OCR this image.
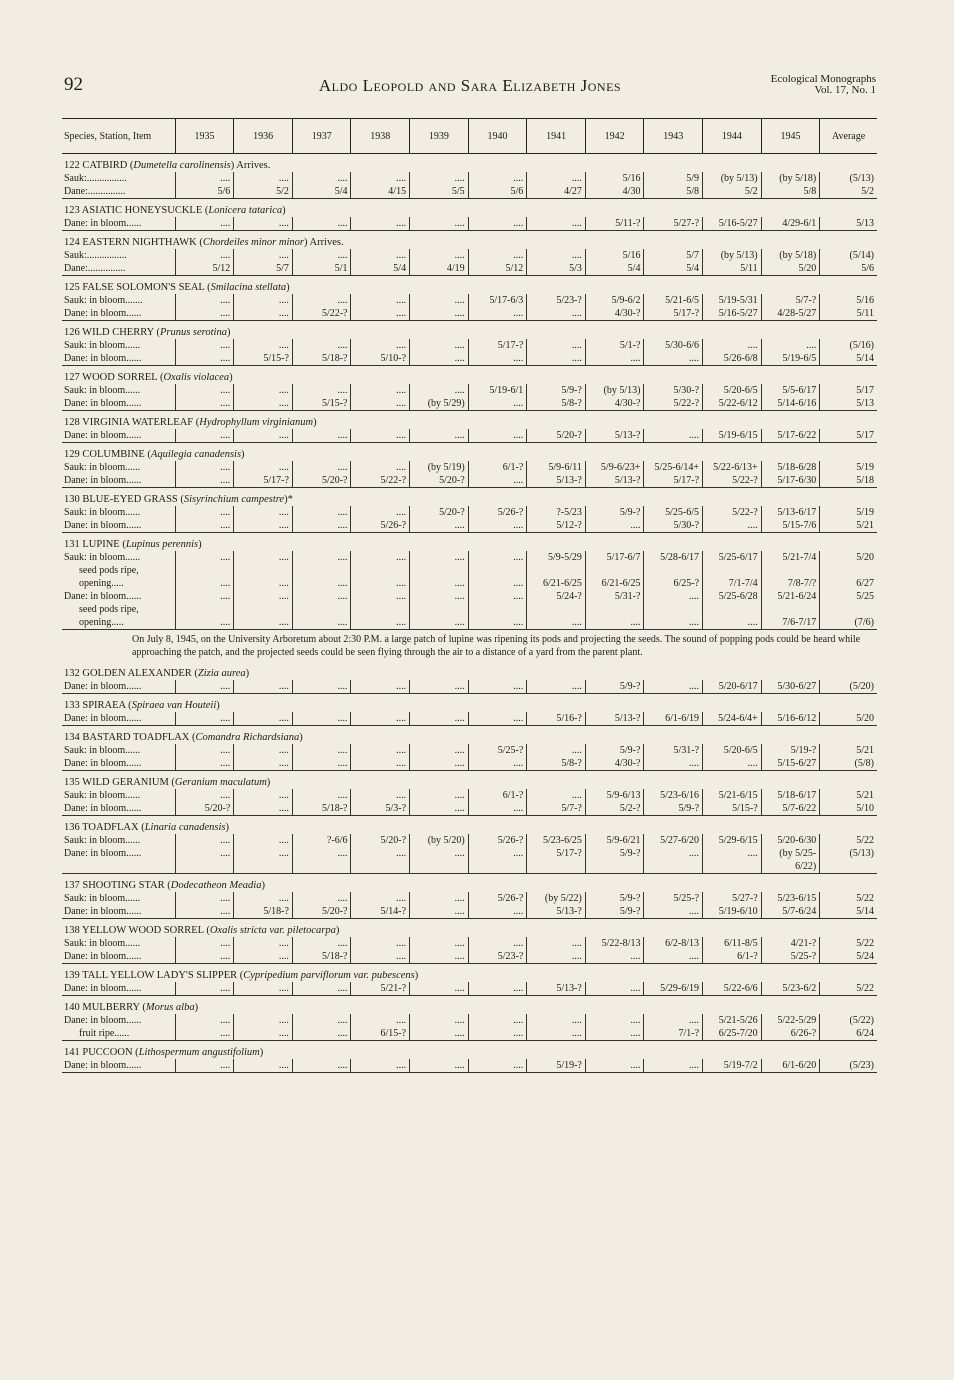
92	Aldo Leopold and Sara Elizabeth Jones	Ecological Monographs
Vol. 17, No. 1
Species, Station, Item	1935	1936	1937	1938	1939	1940	1941	1942	1943	1944	1945	Average
122 CATBIRD (Dumetella carolinensis) Arrives.												
Sauk:................	....	....	....	....	....	....	....	5/16	5/9	(by 5/13)	(by 5/18)	(5/13)
Dane:...............	5/6	5/2	5/4	4/15	5/5	5/6	4/27	4/30	5/8	5/2	5/8	5/2
123 ASIATIC HONEYSUCKLE (Lonicera tatarica)												
Dane: in bloom......	....	....	....	....	....	....	....	5/11-?	5/27-?	5/16-5/27	4/29-6/1	5/13
124 EASTERN NIGHTHAWK (Chordeiles minor minor) Arrives.												
Sauk:................	....	....	....	....	....	....	....	5/16	5/7	(by 5/13)	(by 5/18)	(5/14)
Dane:...............	5/12	5/7	5/1	5/4	4/19	5/12	5/3	5/4	5/4	5/11	5/20	5/6
125 FALSE SOLOMON'S SEAL (Smilacina stellata)												
Sauk: in bloom.......	....	....	....	....	....	5/17-6/3	5/23-?	5/9-6/2	5/21-6/5	5/19-5/31	5/7-?	5/16
Dane: in bloom......	....	....	5/22-?	....	....	....	....	4/30-?	5/17-?	5/16-5/27	4/28-5/27	5/11
126 WILD CHERRY (Prunus serotina)												
Sauk: in bloom......	....	....	....	....	....	5/17-?	....	5/1-?	5/30-6/6	....	....	(5/16)
Dane: in bloom......	....	5/15-?	5/18-?	5/10-?	....	....	....	....	....	5/26-6/8	5/19-6/5	5/14
127 WOOD SORREL (Oxalis violacea)												
Sauk: in bloom......	....	....	....	....	....	5/19-6/1	5/9-?	(by 5/13)	5/30-?	5/20-6/5	5/5-6/17	5/17
Dane: in bloom......	....	....	5/15-?	....	(by 5/29)	....	5/8-?	4/30-?	5/22-?	5/22-6/12	5/14-6/16	5/13
128 VIRGINIA WATERLEAF (Hydrophyllum virginianum)												
Dane: in bloom......	....	....	....	....	....	....	5/20-?	5/13-?	....	5/19-6/15	5/17-6/22	5/17
129 COLUMBINE (Aquilegia canadensis)												
Sauk: in bloom......	....	....	....	....	(by 5/19)	6/1-?	5/9-6/11	5/9-6/23+	5/25-6/14+	5/22-6/13+	5/18-6/28	5/19
Dane: in bloom......	....	5/17-?	5/20-?	5/22-?	5/20-?	....	5/13-?	5/13-?	5/17-?	5/22-?	5/17-6/30	5/18
130 BLUE-EYED GRASS (Sisyrinchium campestre)*												
Sauk: in bloom......	....	....	....	....	5/20-?	5/26-?	?-5/23	5/9-?	5/25-6/5	5/22-?	5/13-6/17	5/19
Dane: in bloom......	....	....	....	5/26-?	....	....	5/12-?	....	5/30-?	....	5/15-7/6	5/21
131 LUPINE (Lupinus perennis)												
Sauk: in bloom......	....	....	....	....	....	....	5/9-5/29	5/17-6/7	5/28-6/17	5/25-6/17	5/21-7/4	5/20
seed pods ripe,												
opening.....	....	....	....	....	....	....	6/21-6/25	6/21-6/25	6/25-?	7/1-7/4	7/8-7/?	6/27
Dane: in bloom......	....	....	....	....	....	....	5/24-?	5/31-?	....	5/25-6/28	5/21-6/24	5/25
seed pods ripe,												
opening.....	....	....	....	....	....	....	....	....	....	....	7/6-7/17	(7/6)
On July 8, 1945, on the University Arboretum about 2:30 P.M. a large patch of lupine was ripening its pods and projecting the seeds. The sound of popping pods could be heard while approaching the patch, and the projected seeds could be seen flying through the air to a distance of a yard from the parent plant.												
132 GOLDEN ALEXANDER (Zizia aurea)												
Dane: in bloom......	....	....	....	....	....	....	....	5/9-?	....	5/20-6/17	5/30-6/27	(5/20)
133 SPIRAEA (Spiraea van Houteii)												
Dane: in bloom......	....	....	....	....	....	....	5/16-?	5/13-?	6/1-6/19	5/24-6/4+	5/16-6/12	5/20
134 BASTARD TOADFLAX (Comandra Richardsiana)												
Sauk: in bloom......	....	....	....	....	....	5/25-?	....	5/9-?	5/31-?	5/20-6/5	5/19-?	5/21
Dane: in bloom......	....	....	....	....	....	....	5/8-?	4/30-?	....	....	5/15-6/27	(5/8)
135 WILD GERANIUM (Geranium maculatum)												
Sauk: in bloom......	....	....	....	....	....	6/1-?	....	5/9-6/13	5/23-6/16	5/21-6/15	5/18-6/17	5/21
Dane: in bloom......	5/20-?	....	5/18-?	5/3-?	....	....	5/7-?	5/2-?	5/9-?	5/15-?	5/7-6/22	5/10
136 TOADFLAX (Linaria canadensis)												
Sauk: in bloom......	....	....	?-6/6	5/20-?	(by 5/20)	5/26-?	5/23-6/25	5/9-6/21	5/27-6/20	5/29-6/15	5/20-6/30	5/22
Dane: in bloom......	....	....	....	....	....	....	5/17-?	5/9-?	....	....	(by 5/25-	(5/13)
											6/22)	
137 SHOOTING STAR (Dodecatheon Meadia)												
Sauk: in bloom......	....	....	....	....	....	5/26-?	(by 5/22)	5/9-?	5/25-?	5/27-?	5/23-6/15	5/22
Dane: in bloom......	....	5/18-?	5/20-?	5/14-?	....	....	5/13-?	5/9-?	....	5/19-6/10	5/7-6/24	5/14
138 YELLOW WOOD SORREL (Oxalis stricta var. piletocarpa)												
Sauk: in bloom......	....	....	....	....	....	....	....	5/22-8/13	6/2-8/13	6/11-8/5	4/21-?	5/22
Dane: in bloom......	....	....	5/18-?	....	....	5/23-?	....	....	....	6/1-?	5/25-?	5/24
139 TALL YELLOW LADY'S SLIPPER (Cypripedium parviflorum var. pubescens)												
Dane: in bloom......	....	....	....	5/21-?	....	....	5/13-?	....	5/29-6/19	5/22-6/6	5/23-6/2	5/22
140 MULBERRY (Morus alba)												
Dane: in bloom......	....	....	....	....	....	....	....	....	....	5/21-5/26	5/22-5/29	(5/22)
fruit ripe......	....	....	....	6/15-?	....	....	....	....	7/1-?	6/25-7/20	6/26-?	6/24
141 PUCCOON (Lithospermum angustifolium)												
Dane: in bloom......	....	....	....	....	....	....	5/19-?	....	....	5/19-7/2	6/1-6/20	(5/23)
